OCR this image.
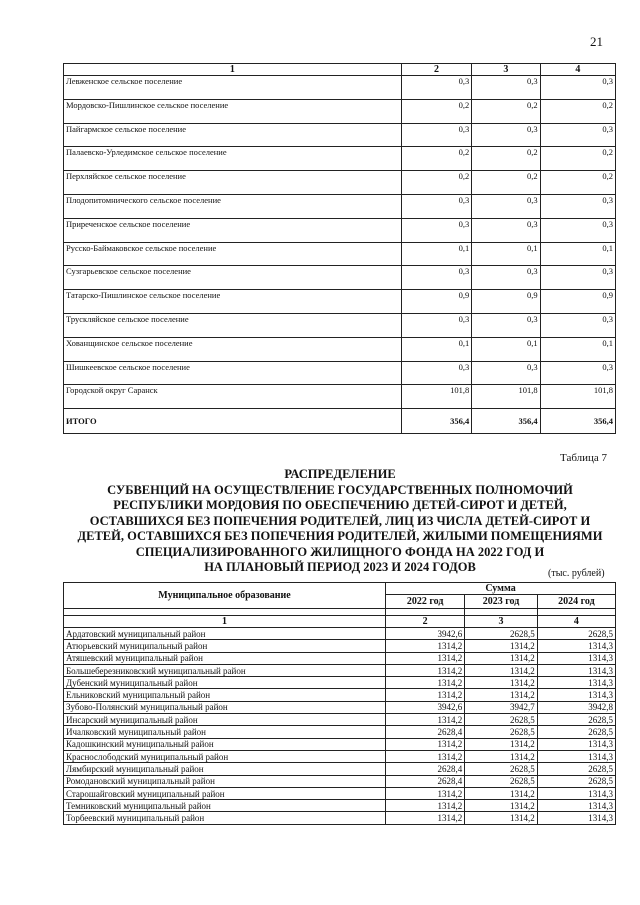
21
1	2	3	4
Левженское сельское поселение	0,3	0,3	0,3
Мордовско-Пишлинское сельское поселение	0,2	0,2	0,2
Пайгармское сельское поселение	0,3	0,3	0,3
Палаевско-Урледимское сельское поселение	0,2	0,2	0,2
Перхляйское сельское поселение	0,2	0,2	0,2
Плодопитомнического сельское поселение	0,3	0,3	0,3
Приреченское сельское поселение	0,3	0,3	0,3
Русско-Баймаковское сельское поселение	0,1	0,1	0,1
Сузгарьевское сельское поселение	0,3	0,3	0,3
Татарско-Пишлинское сельское поселение	0,9	0,9	0,9
Трускляйское сельское поселение	0,3	0,3	0,3
Хованщинское сельское поселение	0,1	0,1	0,1
Шишкеевское сельское поселение	0,3	0,3	0,3
Городской округ Саранск	101,8	101,8	101,8
ИТОГО	356,4	356,4	356,4
Таблица 7
РАСПРЕДЕЛЕНИЕ
СУБВЕНЦИЙ НА ОСУЩЕСТВЛЕНИЕ ГОСУДАРСТВЕННЫХ ПОЛНОМОЧИЙ
РЕСПУБЛИКИ МОРДОВИЯ ПО ОБЕСПЕЧЕНИЮ ДЕТЕЙ-СИРОТ И ДЕТЕЙ,
ОСТАВШИХСЯ БЕЗ ПОПЕЧЕНИЯ РОДИТЕЛЕЙ, ЛИЦ ИЗ ЧИСЛА ДЕТЕЙ-СИРОТ И
ДЕТЕЙ, ОСТАВШИХСЯ БЕЗ ПОПЕЧЕНИЯ РОДИТЕЛЕЙ, ЖИЛЫМИ ПОМЕЩЕНИЯМИ
СПЕЦИАЛИЗИРОВАННОГО ЖИЛИЩНОГО ФОНДА НА 2022 ГОД И
НА ПЛАНОВЫЙ ПЕРИОД 2023 И 2024 ГОДОВ	(тыс. рублей)
Муниципальное образование	Сумма		
	2022 год	2023 год	2024 год

1	2	3	4
Ардатовский муниципальный район	3942,6	2628,5	2628,5
Атюрьевский муниципальный район	1314,2	1314,2	1314,3
Атяшевский муниципальный район	1314,2	1314,2	1314,3
Большеберезниковский муниципальный район	1314,2	1314,2	1314,3
Дубенский муниципальный район	1314,2	1314,2	1314,3
Ельниковский муниципальный район	1314,2	1314,2	1314,3
Зубово-Полянский муниципальный район	3942,6	3942,7	3942,8
Инсарский муниципальный район	1314,2	2628,5	2628,5
Ичалковский муниципальный район	2628,4	2628,5	2628,5
Кадошкинский муниципальный район	1314,2	1314,2	1314,3
Краснослободский муниципальный район	1314,2	1314,2	1314,3
Лямбирский муниципальный район	2628,4	2628,5	2628,5
Ромодановский муниципальный район	2628,4	2628,5	2628,5
Старошайговский муниципальный район	1314,2	1314,2	1314,3
Темниковский муниципальный район	1314,2	1314,2	1314,3
Торбеевский муниципальный район	1314,2	1314,2	1314,3
